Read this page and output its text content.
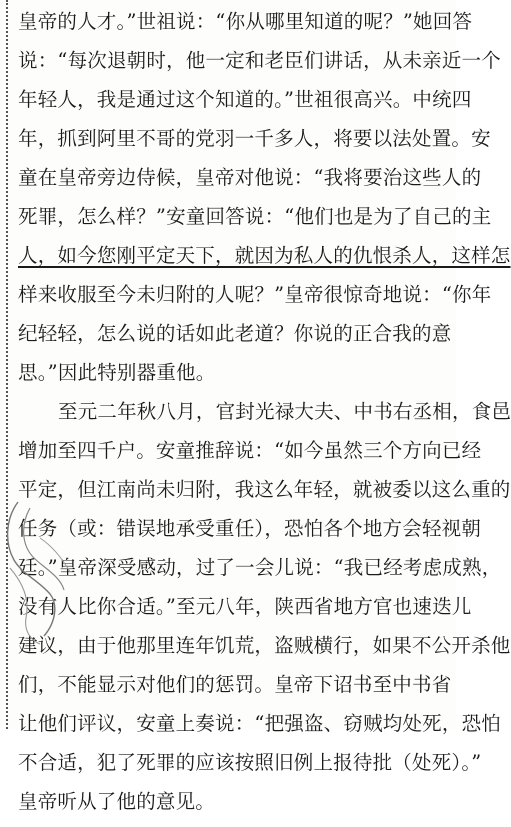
皇帝的人才。”世祖说：“你从哪里知道的呢？”她回答
说：“每次退朝时，他一定和老臣们讲话，从未亲近一个
年轻人，我是通过这个知道的。”世祖很高兴。中统四
年，抓到阿里不哥的党羽一千多人，将要以法处置。安
童在皇帝旁边侍候，皇帝对他说：“我将要治这些人的
死罪，怎么样？”安童回答说：“他们也是为了自己的主
人，如今您刚平定天下，就因为私人的仇恨杀人，这样怎
样来收服至今未归附的人呢？”皇帝很惊奇地说：“你年
纪轻轻，怎么说的话如此老道？你说的正合我的意
思。”因此特别器重他。
至元二年秋八月，官封光禄大夫、中书右丞相，食邑
增加至四千户。安童推辞说：“如今虽然三个方向已经
平定，但江南尚未归附，我这么年轻，就被委以这么重的
任务（或：错误地承受重任），恐怕各个地方会轻视朝
廷。”皇帝深受感动，过了一会儿说：“我已经考虑成熟，
没有人比你合适。”至元八年，陕西省地方官也速迭儿
建议，由于他那里连年饥荒，盗贼横行，如果不公开杀他
们，不能显示对他们的惩罚。皇帝下诏书至中书省
让他们评议，安童上奏说：“把强盗、窃贼均处死，恐怕
不合适，犯了死罪的应该按照旧例上报待批（处死）。”
皇帝听从了他的意见。
